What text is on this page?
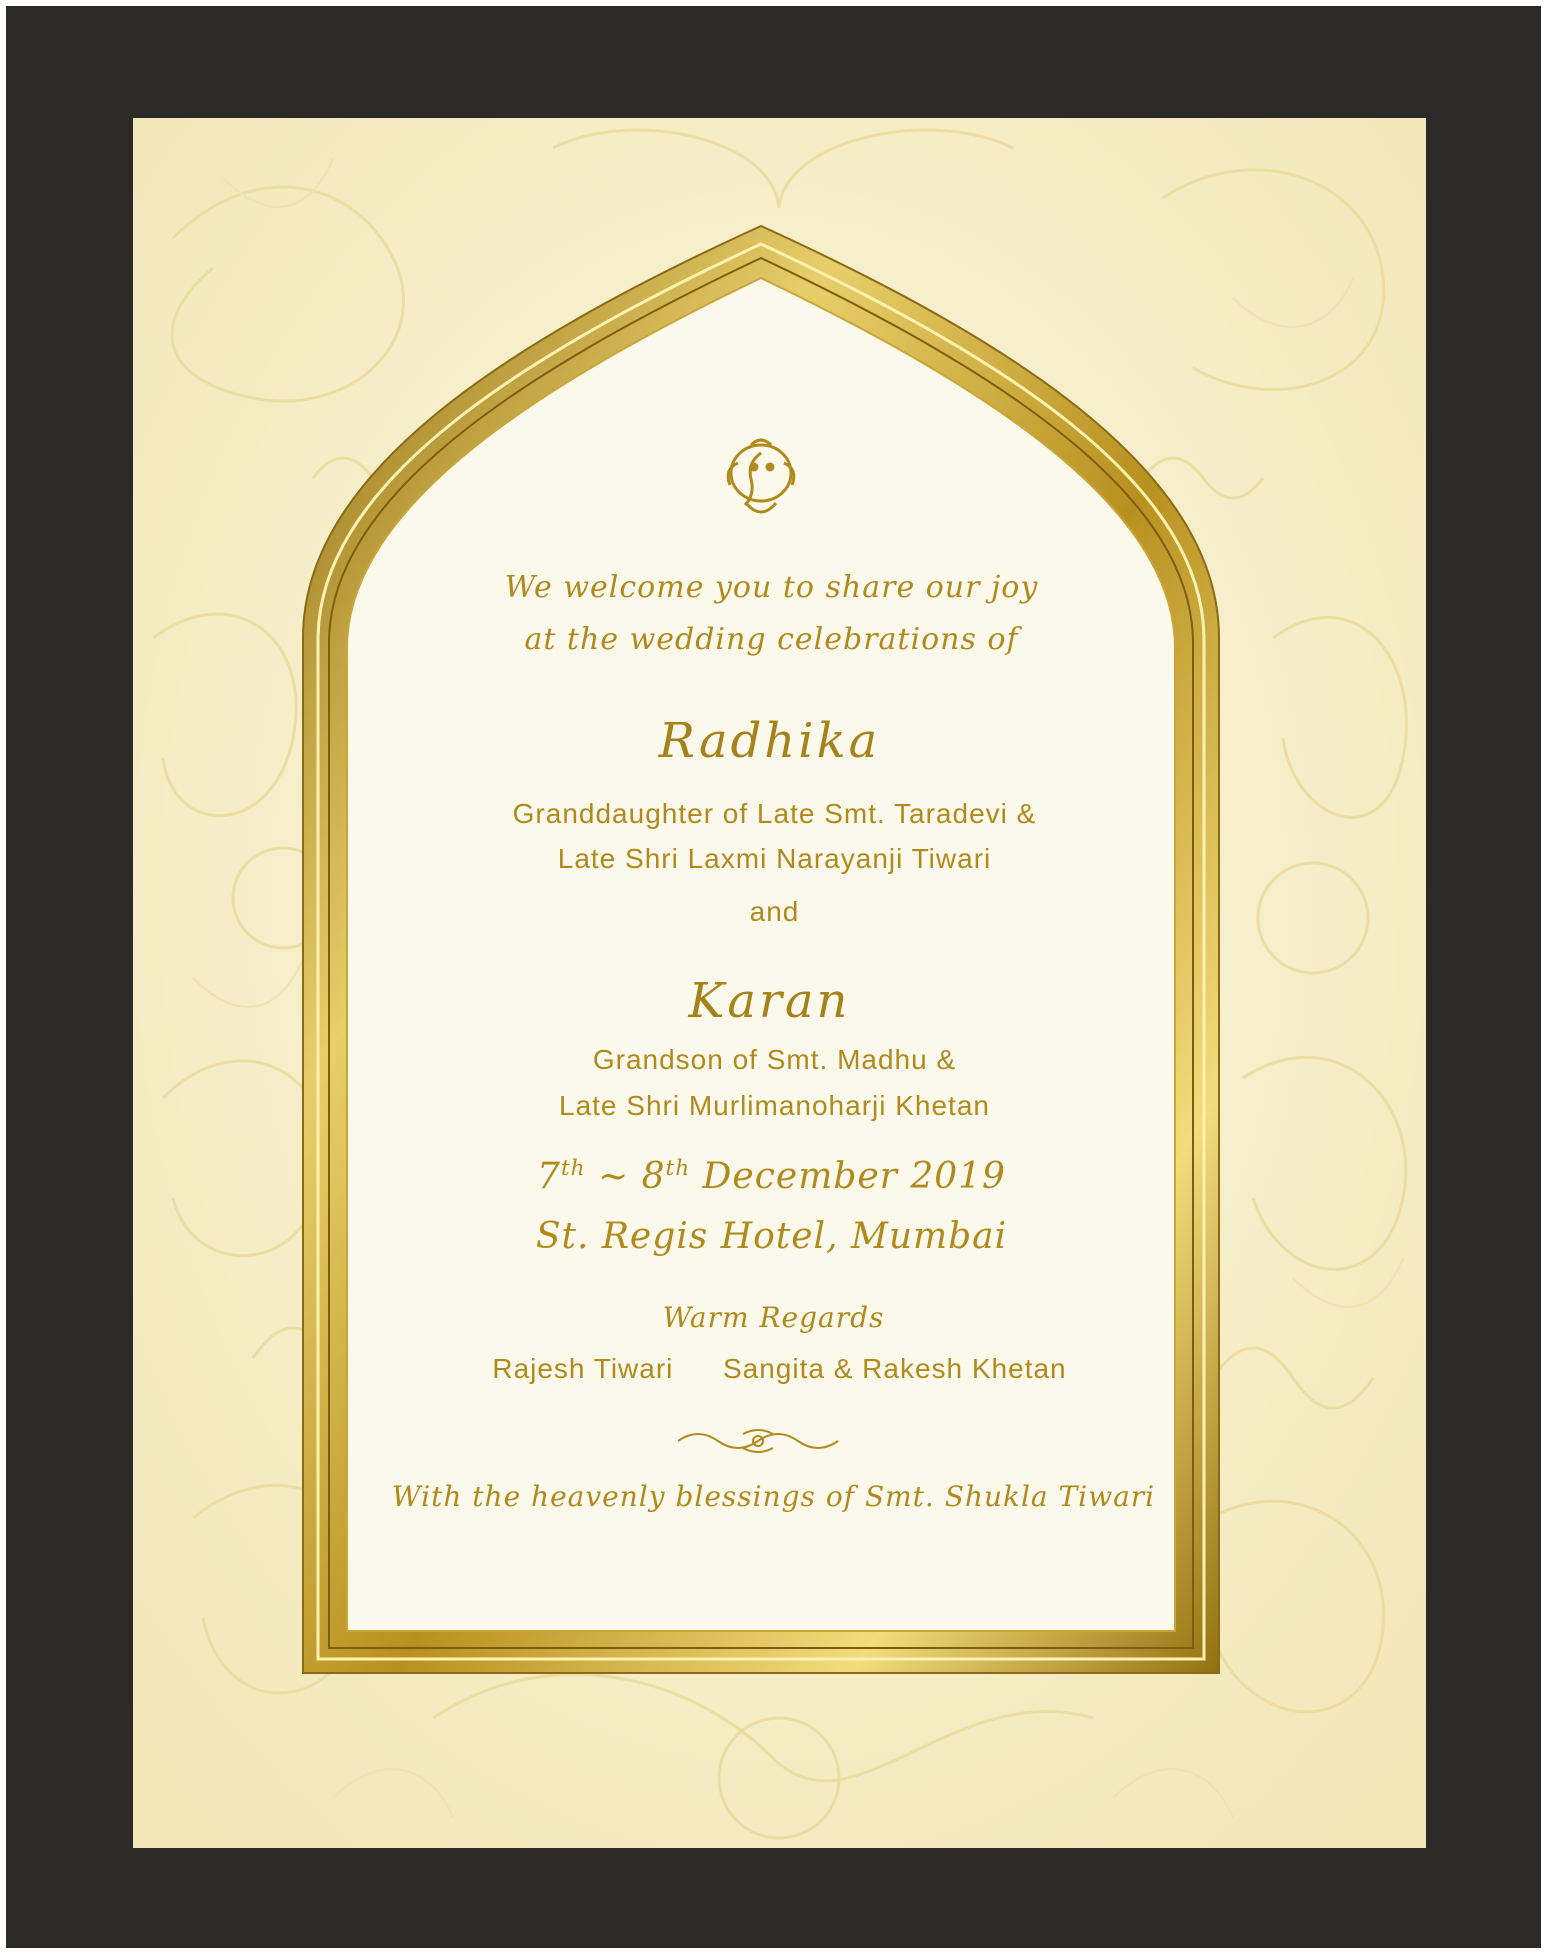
We welcome you to share our joy
at the wedding celebrations of
Radhika
Granddaughter of Late Smt. Taradevi &
Late Shri Laxmi Narayanji Tiwari
and
Karan
Grandson of Smt. Madhu &
Late Shri Murlimanoharji Khetan
7th ~ 8th December 2019
St. Regis Hotel, Mumbai
Warm Regards
Rajesh Tiwari Sangita & Rakesh Khetan
With the heavenly blessings of Smt. Shukla Tiwari
